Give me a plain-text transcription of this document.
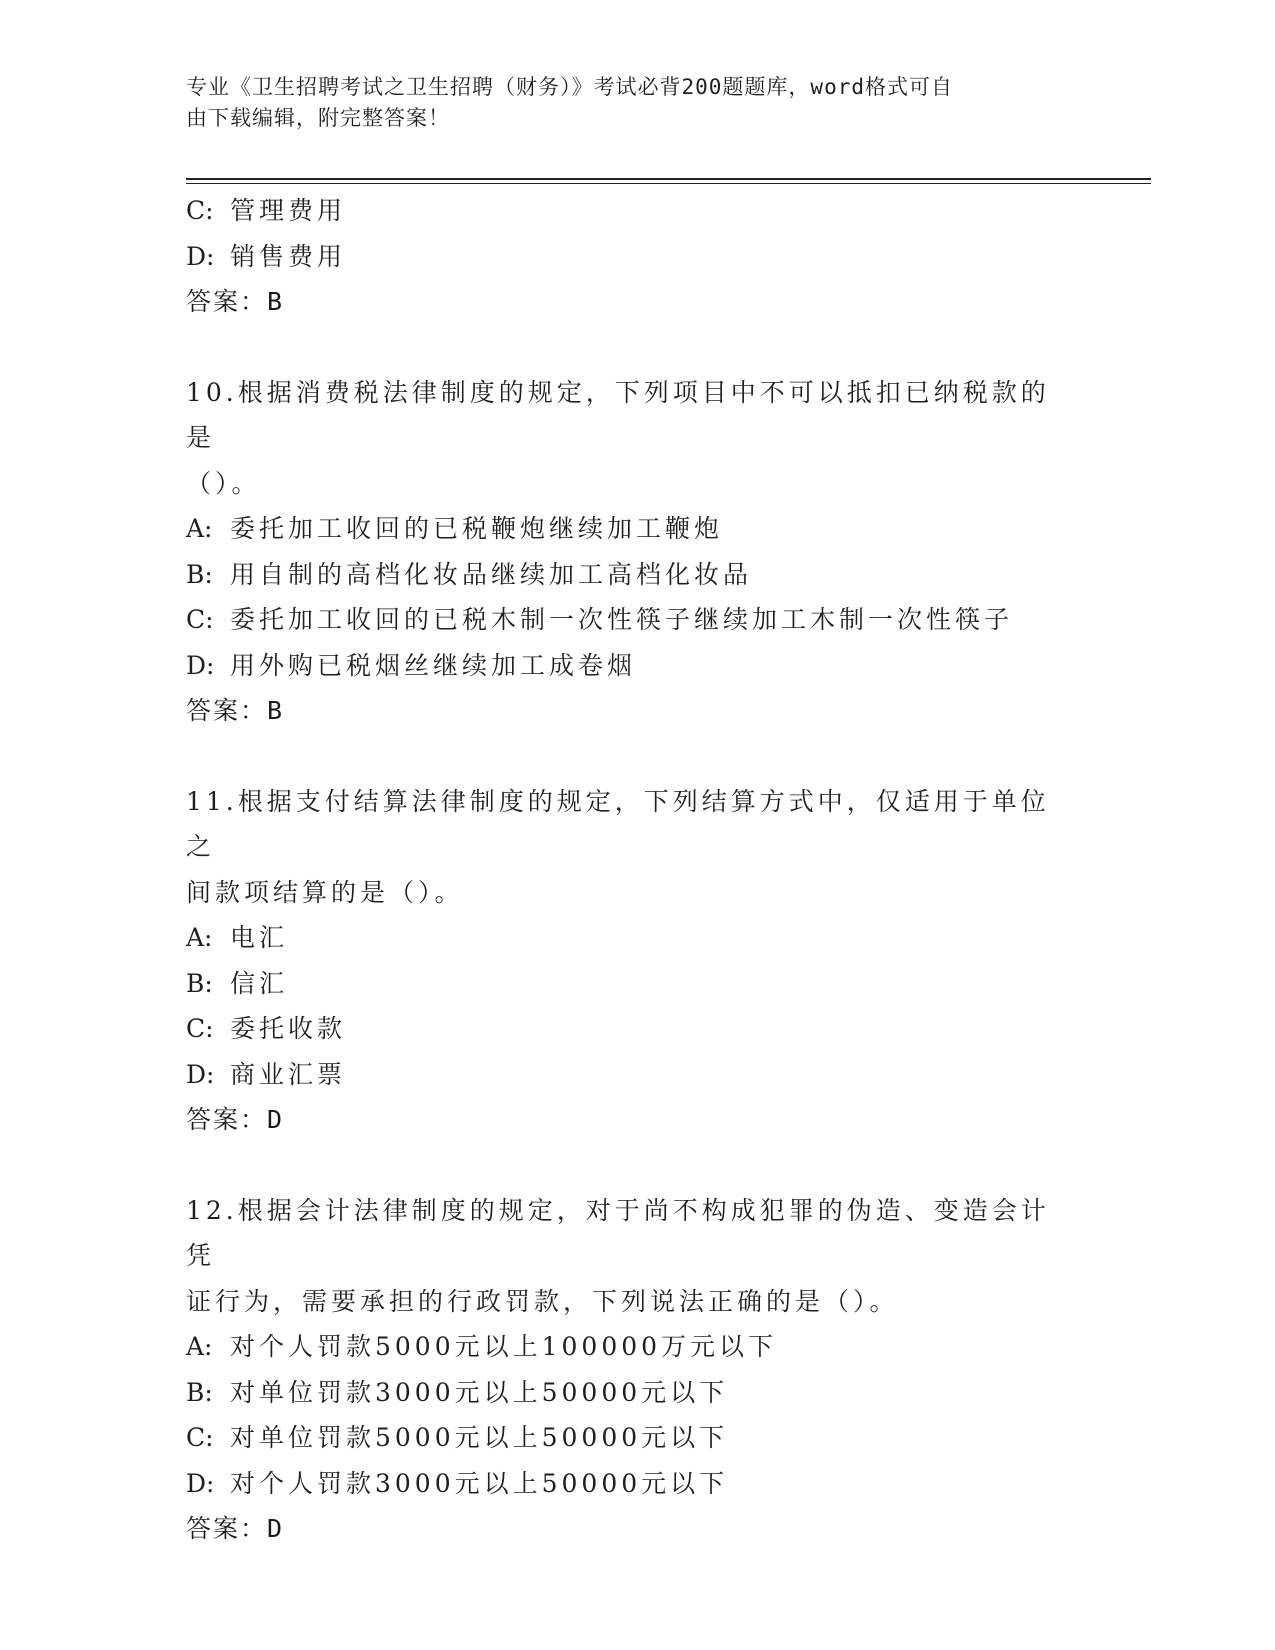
专业《卫生招聘考试之卫生招聘（财务）》考试必背200题题库，word格式可自
由下载编辑，附完整答案！
C: 管理费用
D: 销售费用
答案：B
10.根据消费税法律制度的规定，下列项目中不可以抵扣已纳税款的是
（）。
A: 委托加工收回的已税鞭炮继续加工鞭炮
B: 用自制的高档化妆品继续加工高档化妆品
C: 委托加工收回的已税木制一次性筷子继续加工木制一次性筷子
D: 用外购已税烟丝继续加工成卷烟
答案：B
11.根据支付结算法律制度的规定，下列结算方式中，仅适用于单位之
间款项结算的是（）。
A: 电汇
B: 信汇
C: 委托收款
D: 商业汇票
答案：D
12.根据会计法律制度的规定，对于尚不构成犯罪的伪造、变造会计凭
证行为，需要承担的行政罚款，下列说法正确的是（）。
A: 对个人罚款5000元以上100000万元以下
B: 对单位罚款3000元以上50000元以下
C: 对单位罚款5000元以上50000元以下
D: 对个人罚款3000元以上50000元以下
答案：D
